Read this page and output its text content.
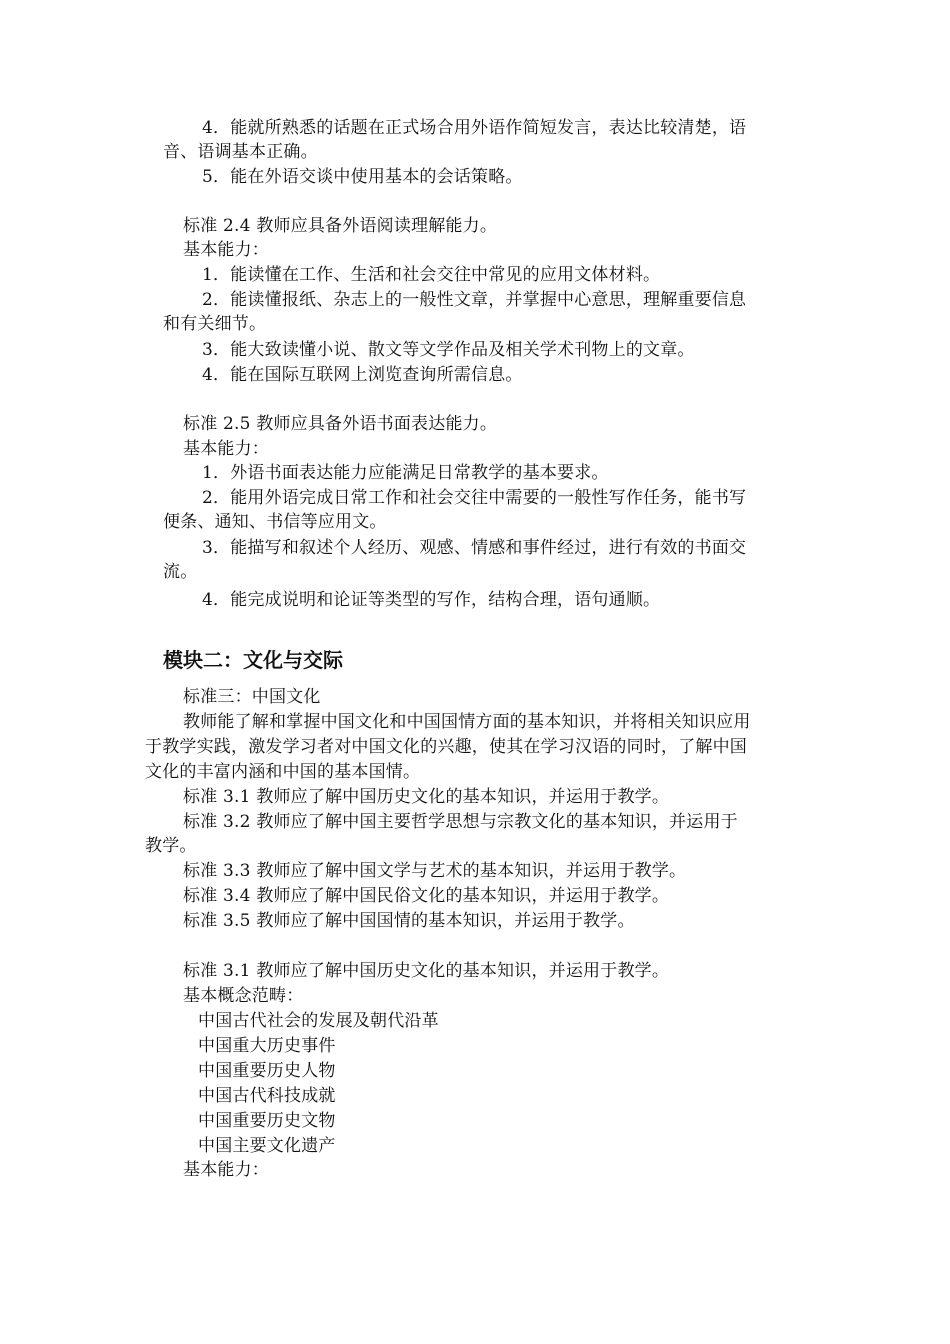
4．能就所熟悉的话题在正式场合用外语作简短发言，表达比较清楚，语
音、语调基本正确。
5．能在外语交谈中使用基本的会话策略。
标准 2.4 教师应具备外语阅读理解能力。
基本能力：
1．能读懂在工作、生活和社会交往中常见的应用文体材料。
2．能读懂报纸、杂志上的一般性文章，并掌握中心意思，理解重要信息
和有关细节。
3．能大致读懂小说、散文等文学作品及相关学术刊物上的文章。
4．能在国际互联网上浏览查询所需信息。
标准 2.5 教师应具备外语书面表达能力。
基本能力：
1．外语书面表达能力应能满足日常教学的基本要求。
2．能用外语完成日常工作和社会交往中需要的一般性写作任务，能书写
便条、通知、书信等应用文。
3．能描写和叙述个人经历、观感、情感和事件经过，进行有效的书面交
流。
4．能完成说明和论证等类型的写作，结构合理，语句通顺。
模块二：文化与交际
标准三：中国文化
教师能了解和掌握中国文化和中国国情方面的基本知识，并将相关知识应用
于教学实践，激发学习者对中国文化的兴趣，使其在学习汉语的同时，了解中国
文化的丰富内涵和中国的基本国情。
标准 3.1 教师应了解中国历史文化的基本知识，并运用于教学。
标准 3.2 教师应了解中国主要哲学思想与宗教文化的基本知识，并运用于
教学。
标准 3.3 教师应了解中国文学与艺术的基本知识，并运用于教学。
标准 3.4 教师应了解中国民俗文化的基本知识，并运用于教学。
标准 3.5 教师应了解中国国情的基本知识，并运用于教学。
标准 3.1 教师应了解中国历史文化的基本知识，并运用于教学。
基本概念范畴：
中国古代社会的发展及朝代沿革
中国重大历史事件
中国重要历史人物
中国古代科技成就
中国重要历史文物
中国主要文化遗产
基本能力：
